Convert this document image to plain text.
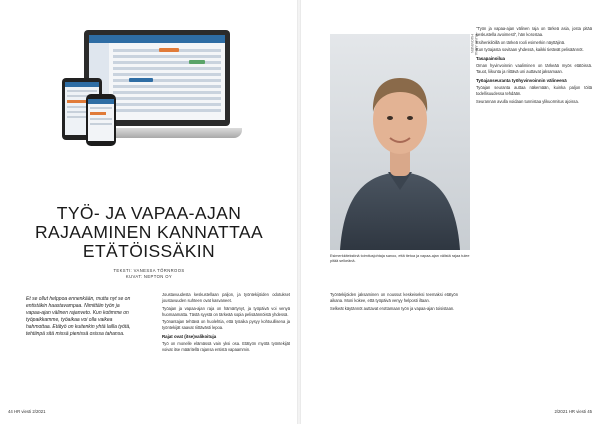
TYÖ- JA VAPAA-AJAN RAJAAMINEN KANNATTAA ETÄTÖISSÄKIN
TEKSTI: VANESSA TÖRNROOS
KUVAT: NEPTON OY

Et se ollut helppoa ennenkään, mutta nyt se on entistäkin haastavampaa. Nimittäin työn ja vapaa-ajan välinen rajanveto. Kun kotimme on työpaikkamme, työaikaa voi olla vaikea hahmottaa. Etätyö on kuitenkin yhtä lailla työtä, tehtiinpä sitä missä pienissä osissa tahansa.

Joustavuudesta keskustellaan paljon, ja työntekijöiden odotukset joustavuuden suhteen ovat kasvaneet.

Työajan ja vapaa-ajan raja on hämärtynyt, ja työpäivä voi venyä huomaamatta. Tästä syystä on tärkeää sopia pelisäännöistä yhdessä.

Työnantajan tehtävä on huolehtia, että työaika pysyy kohtuullisena ja työntekijät saavat riittävästi lepoa.

Rajat ovat (itse)valikoituja

Työ on monelle elämässä vain yksi osa. Etätyön myötä työntekijät voivat itse määritellä rajansa entistä vapaammin.

44 HR viesti 2/2021

KUVA: ANNA HUOVINEN

Esimerkkitekstinä toimitusjohtaja sanoo, että tietoa ja vapaa-ajan välistä rajaa tulee pitää selkeänä.

Työntekijöiden jaksaminen on noussut keskeiseksi teemaksi etätyön aikana. Moni kokee, että työpäivä venyy helposti iltaan.

Selkeät käytännöt auttavat erottamaan työn ja vapaa-ajan toisistaan.

"Työn ja vapaa-ajan välinen raja on tärkeä asia, josta pitää keskustella avoimesti", hän korostaa.

Esihenkilöillä on tärkeä rooli esimerkin näyttäjinä.

Kun työajasta sovitaan yhdessä, kaikki tietävät pelisäännöt.

Tasapainoilua

Oman hyvinvoinnin vaaliminen on tärkeää myös etätöissä. Tauot, liikunta ja riittävä uni auttavat jaksamaan.

Työajanseuranta työhyvinvoinnin välineenä

Työajan seuranta auttaa näkemään, kuinka paljon töitä todellisuudessa tehdään.

Seurannan avulla voidaan tunnistaa ylikuormitus ajoissa.

2/2021 HR viesti 45
